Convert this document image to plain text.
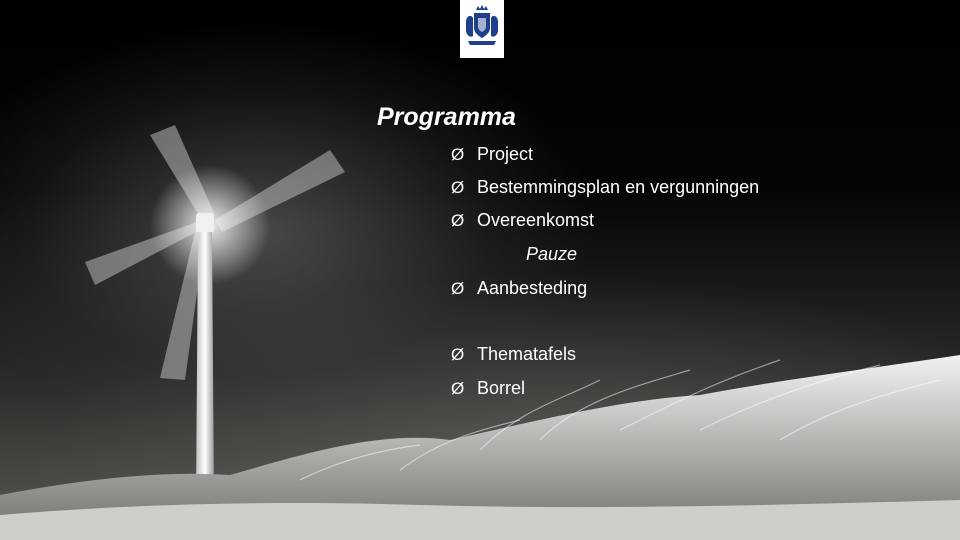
Programma
Ø Project
Ø Bestemmingsplan en vergunningen
Ø Overeenkomst
Ø Aanbesteding
Ø Thematafels
Ø Borrel
Pauze
